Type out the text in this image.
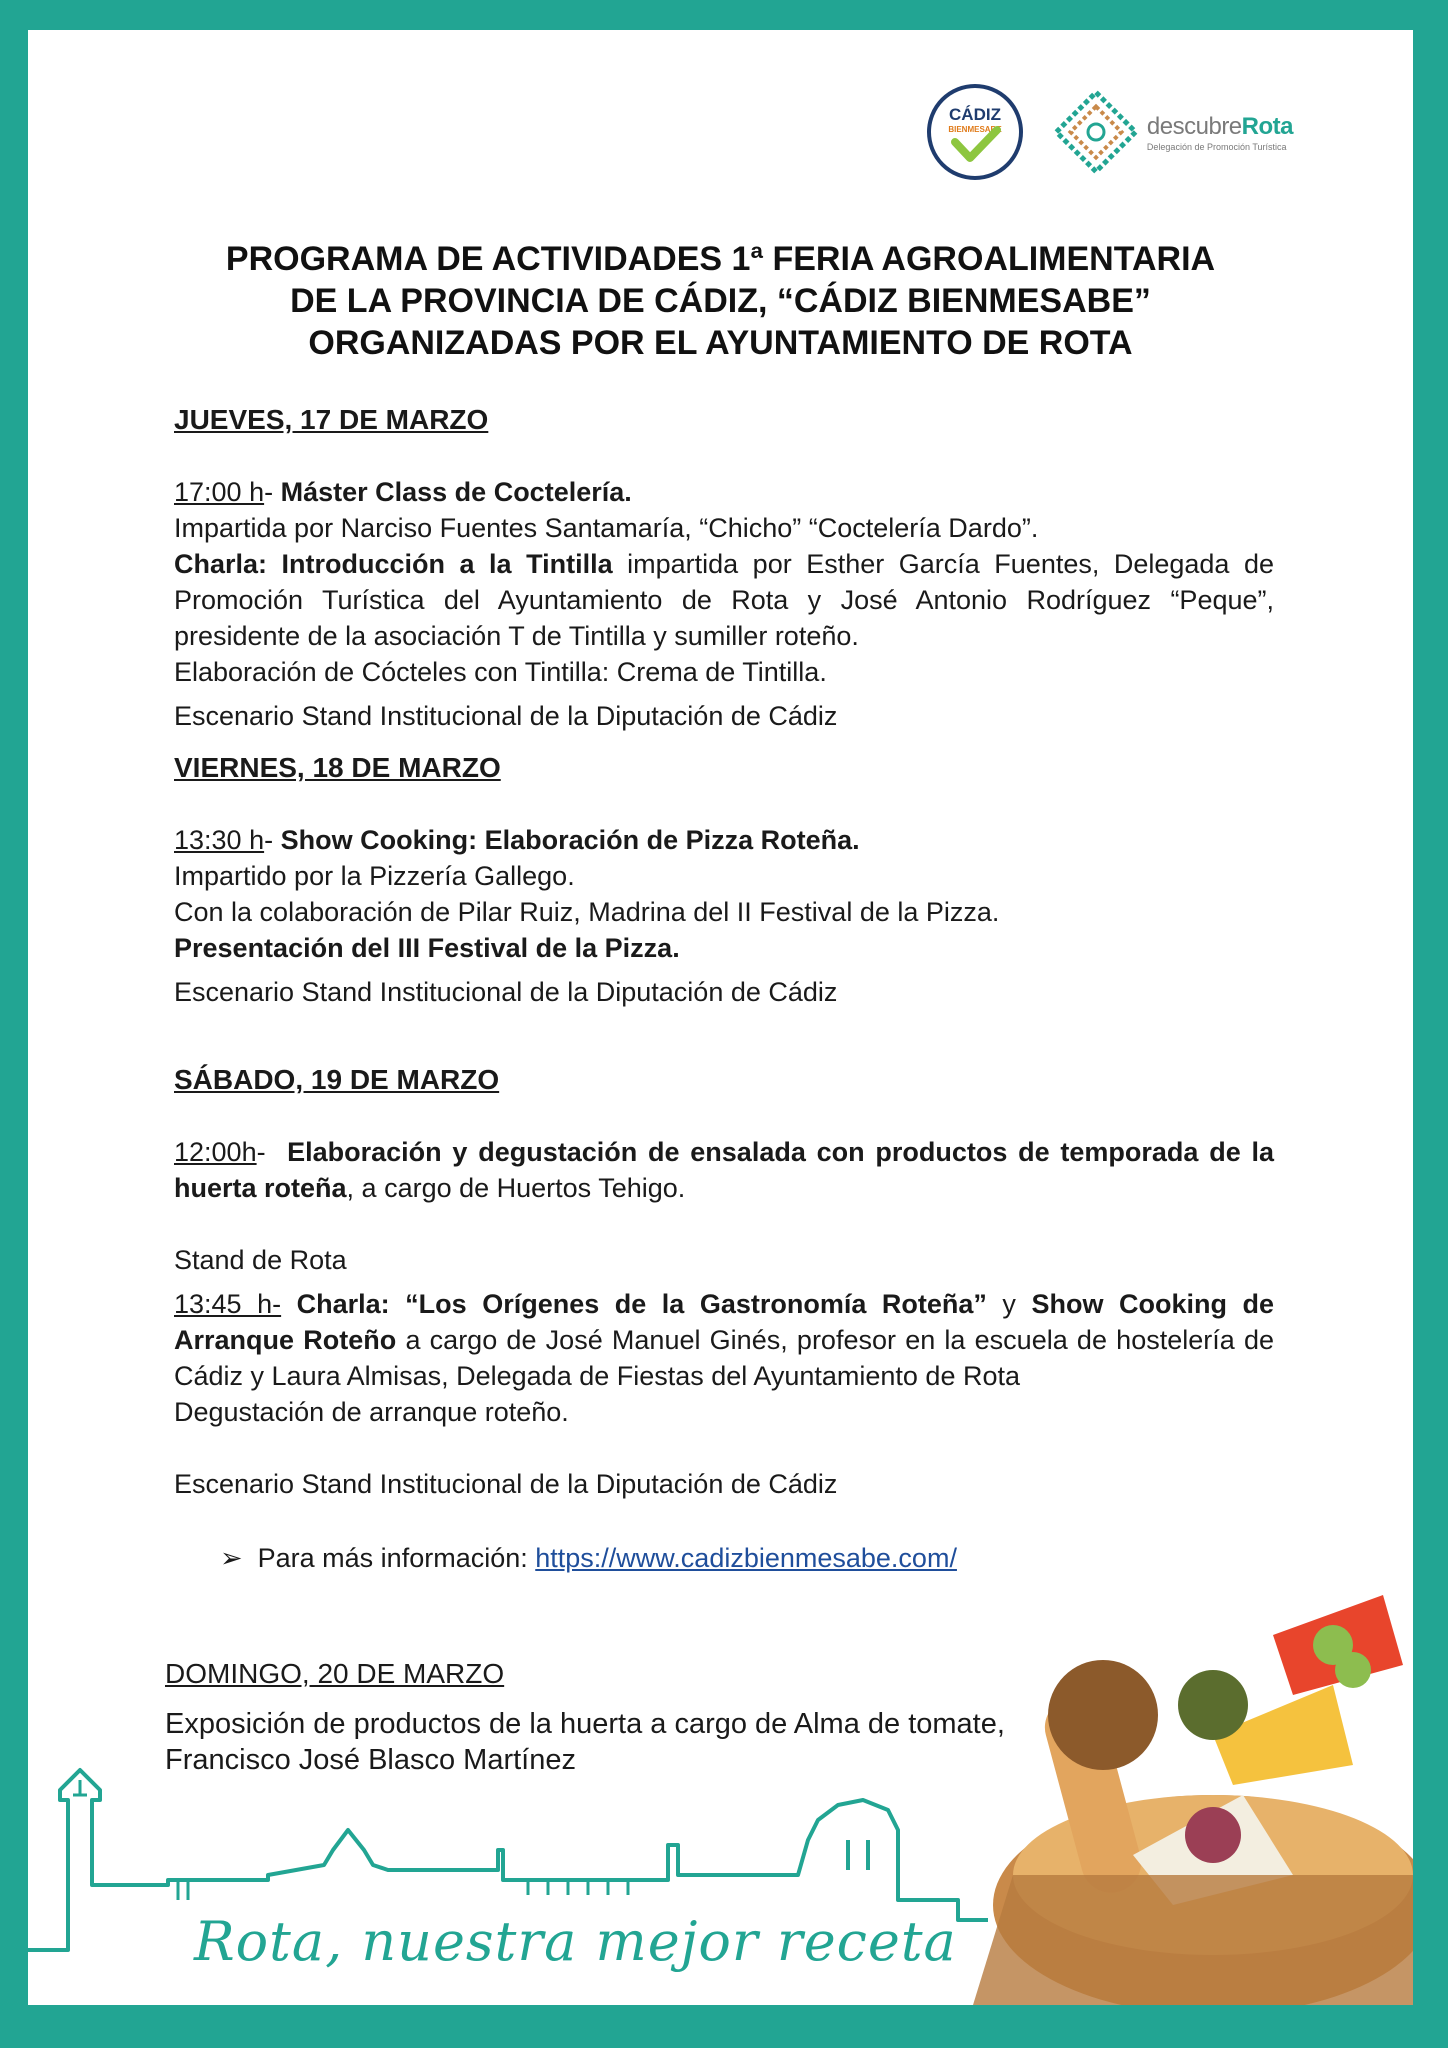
CÁDIZ
BIENMESABE	descubreRota
Delegación de Promoción Turística
PROGRAMA DE ACTIVIDADES 1ª FERIA AGROALIMENTARIA
DE LA PROVINCIA DE CÁDIZ, “CÁDIZ BIENMESABE”
ORGANIZADAS POR EL AYUNTAMIENTO DE ROTA

JUEVES, 17 DE MARZO

17:00 h- Máster Class de Coctelería.

Impartida por Narciso Fuentes Santamaría, “Chicho” “Coctelería Dardo”.

Charla: Introducción a la Tintilla impartida por Esther García Fuentes, Delegada de Promoción Turística del Ayuntamiento de Rota y José Antonio Rodríguez “Peque”, presidente de la asociación T de Tintilla y sumiller roteño.

Elaboración de Cócteles con Tintilla: Crema de Tintilla.

Escenario Stand Institucional de la Diputación de Cádiz

VIERNES, 18 DE MARZO

13:30 h- Show Cooking: Elaboración de Pizza Roteña.

Impartido por la Pizzería Gallego.

Con la colaboración de Pilar Ruiz, Madrina del II Festival de la Pizza.

Presentación del III Festival de la Pizza.

Escenario Stand Institucional de la Diputación de Cádiz

SÁBADO, 19 DE MARZO

12:00h-  Elaboración y degustación de ensalada con productos de temporada de la huerta roteña, a cargo de Huertos Tehigo.

Stand de Rota

13:45 h- Charla: “Los Orígenes de la Gastronomía Roteña” y Show Cooking de Arranque Roteño a cargo de José Manuel Ginés, profesor en la escuela de hostelería de Cádiz y Laura Almisas, Delegada de Fiestas del Ayuntamiento de Rota

Degustación de arranque roteño.

Escenario Stand Institucional de la Diputación de Cádiz

➢ Para más información: https://www.cadizbienmesabe.com/

DOMINGO, 20 DE MARZO

Exposición de productos de la huerta a cargo de Alma de tomate,

Francisco José Blasco Martínez

Rota, nuestra mejor receta
